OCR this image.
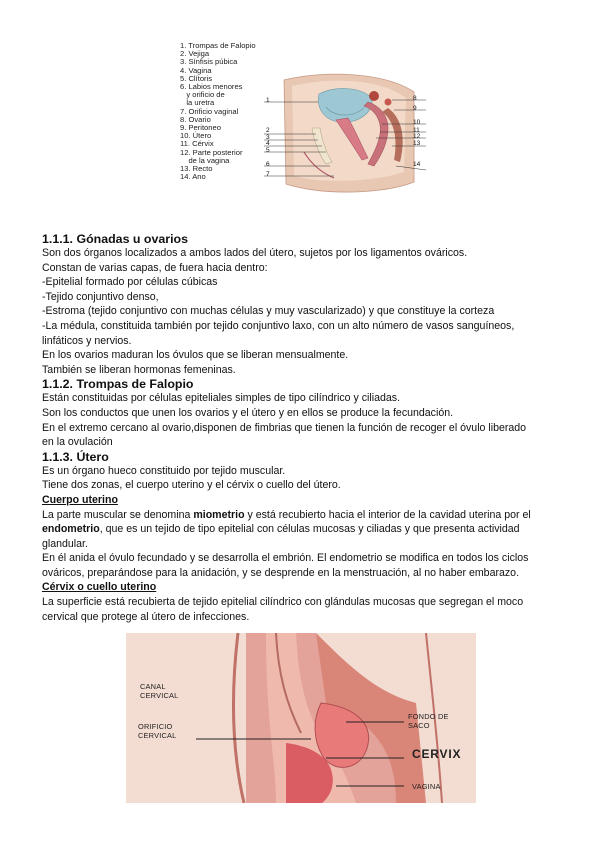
1. Trompas de Falopio
2. Vejiga
3. Sínfisis púbica
4. Vagina
5. Clítoris
6. Labios menores
y orificio de
la uretra
7. Orificio vaginal
8. Ovario
9. Peritoneo
10. Útero
11. Cérvix
12. Parte posterior
de la vagina
13. Recto
14. Ano
1
2
3
4
5
6
7
8
9
10
11
12
13
14
1.1.1. Gónadas u ovarios
Son dos órganos localizados a ambos lados del útero, sujetos por los ligamentos ováricos.
Constan de varias capas, de fuera hacia dentro:
-Epitelial formado por células cúbicas
-Tejido conjuntivo denso,
-Estroma (tejido conjuntivo con muchas células y muy vascularizado) y que constituye la corteza
-La médula, constituida también por tejido conjuntivo laxo, con un alto número de vasos sanguíneos,
linfáticos y nervios.
En los ovarios maduran los óvulos que se liberan mensualmente.
También se liberan hormonas femeninas.
1.1.2. Trompas de Falopio
Están constituidas por células epiteliales simples de tipo cilíndrico y ciliadas.
Son los conductos que unen los ovarios y el útero y en ellos se produce la fecundación.
En el extremo cercano al ovario,disponen de fimbrias que tienen la función de recoger el óvulo liberado
en la ovulación
1.1.3. Útero
Es un órgano hueco constituido por tejido muscular.
Tiene dos zonas, el cuerpo uterino y el cérvix o cuello del útero.
Cuerpo uterino
La parte muscular se denomina miometrio y está recubierto hacia el interior de la cavidad uterina por el
endometrio, que es un tejido de tipo epitelial con células mucosas y ciliadas y que presenta actividad
glandular.
En él anida el óvulo fecundado y se desarrolla el embrión. El endometrio se modifica en todos los ciclos
ováricos, preparándose para la anidación, y se desprende en la menstruación, al no haber embarazo.
Cérvix o cuello uterino
La superficie está recubierta de tejido epitelial cilíndrico con glándulas mucosas que segregan el moco
cervical que protege al útero de infecciones.
CANAL
CERVICAL
ORIFICIO
CERVICAL
FONDO DE
SACO
CERVIX
VAGINA
